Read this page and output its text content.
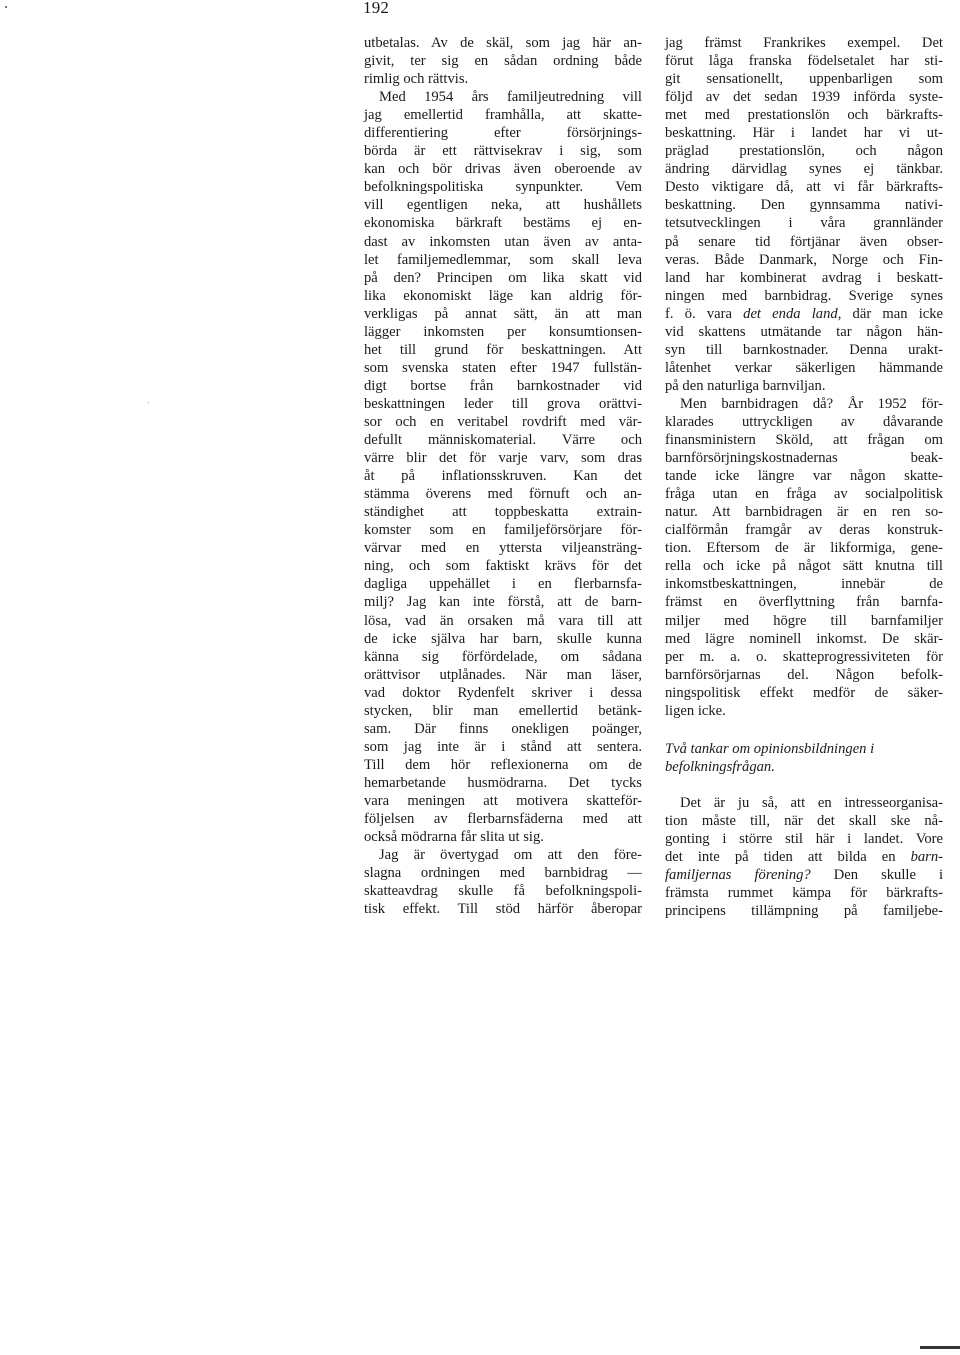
192
utbetalas. Av de skäl, som jag här an-
givit, ter sig en sådan ordning både
rimlig och rättvis.
Med 1954 års familjeutredning vill
jag emellertid framhålla, att skatte-
differentiering efter försörjnings-
börda är ett rättvisekrav i sig, som
kan och bör drivas även oberoende av
befolkningspolitiska synpunkter. Vem
vill egentligen neka, att hushållets
ekonomiska bärkraft bestäms ej en-
dast av inkomsten utan även av anta-
let familjemedlemmar, som skall leva
på den? Principen om lika skatt vid
lika ekonomiskt läge kan aldrig för-
verkligas på annat sätt, än att man
lägger inkomsten per konsumtionsen-
het till grund för beskattningen. Att
som svenska staten efter 1947 fullstän-
digt bortse från barnkostnader vid
beskattningen leder till grova orättvi-
sor och en veritabel rovdrift med vär-
defullt människomaterial. Värre och
värre blir det för varje varv, som dras
åt på inflationsskruven. Kan det
stämma överens med förnuft och an-
ständighet att toppbeskatta extrain-
komster som en familjeförsörjare för-
värvar med en yttersta viljeansträng-
ning, och som faktiskt krävs för det
dagliga uppehället i en flerbarnsfa-
milj? Jag kan inte förstå, att de barn-
lösa, vad än orsaken må vara till att
de icke själva har barn, skulle kunna
känna sig förfördelade, om sådana
orättvisor utplånades. När man läser,
vad doktor Rydenfelt skriver i dessa
stycken, blir man emellertid betänk-
sam. Där finns onekligen poänger,
som jag inte är i stånd att sentera.
Till dem hör reflexionerna om de
hemarbetande husmödrarna. Det tycks
vara meningen att motivera skatteför-
följelsen av flerbarnsfäderna med att
också mödrarna får slita ut sig.
Jag är övertygad om att den före-
slagna ordningen med barnbidrag —
skatteavdrag skulle få befolkningspoli-
tisk effekt. Till stöd härför åberopar
jag främst Frankrikes exempel. Det
förut låga franska födelsetalet har sti-
git sensationellt, uppenbarligen som
följd av det sedan 1939 införda syste-
met med prestationslön och bärkrafts-
beskattning. Här i landet har vi ut-
präglad prestationslön, och någon
ändring därvidlag synes ej tänkbar.
Desto viktigare då, att vi får bärkrafts-
beskattning. Den gynnsamma nativi-
tetsutvecklingen i våra grannländer
på senare tid förtjänar även obser-
veras. Både Danmark, Norge och Fin-
land har kombinerat avdrag i beskatt-
ningen med barnbidrag. Sverige synes
f. ö. vara det enda land, där man icke
vid skattens utmätande tar någon hän-
syn till barnkostnader. Denna urakt-
låtenhet verkar säkerligen hämmande
på den naturliga barnviljan.
Men barnbidragen då? År 1952 för-
klarades uttryckligen av dåvarande
finansministern Sköld, att frågan om
barnförsörjningskostnadernas beak-
tande icke längre var någon skatte-
fråga utan en fråga av socialpolitisk
natur. Att barnbidragen är en ren so-
cialförmån framgår av deras konstruk-
tion. Eftersom de är likformiga, gene-
rella och icke på något sätt knutna till
inkomstbeskattningen, innebär de
främst en överflyttning från barnfa-
miljer med högre till barnfamiljer
med lägre nominell inkomst. De skär-
per m. a. o. skatteprogressiviteten för
barnförsörjarnas del. Någon befolk-
ningspolitisk effekt medför de säker-
ligen icke.
Två tankar om opinionsbildningen i
befolkningsfrågan.
Det är ju så, att en intresseorganisa-
tion måste till, när det skall ske nå-
gonting i större stil här i landet. Vore
det inte på tiden att bilda en barn-
familjernas förening? Den skulle i
främsta rummet kämpa för bärkrafts-
principens tillämpning på familjebe-
